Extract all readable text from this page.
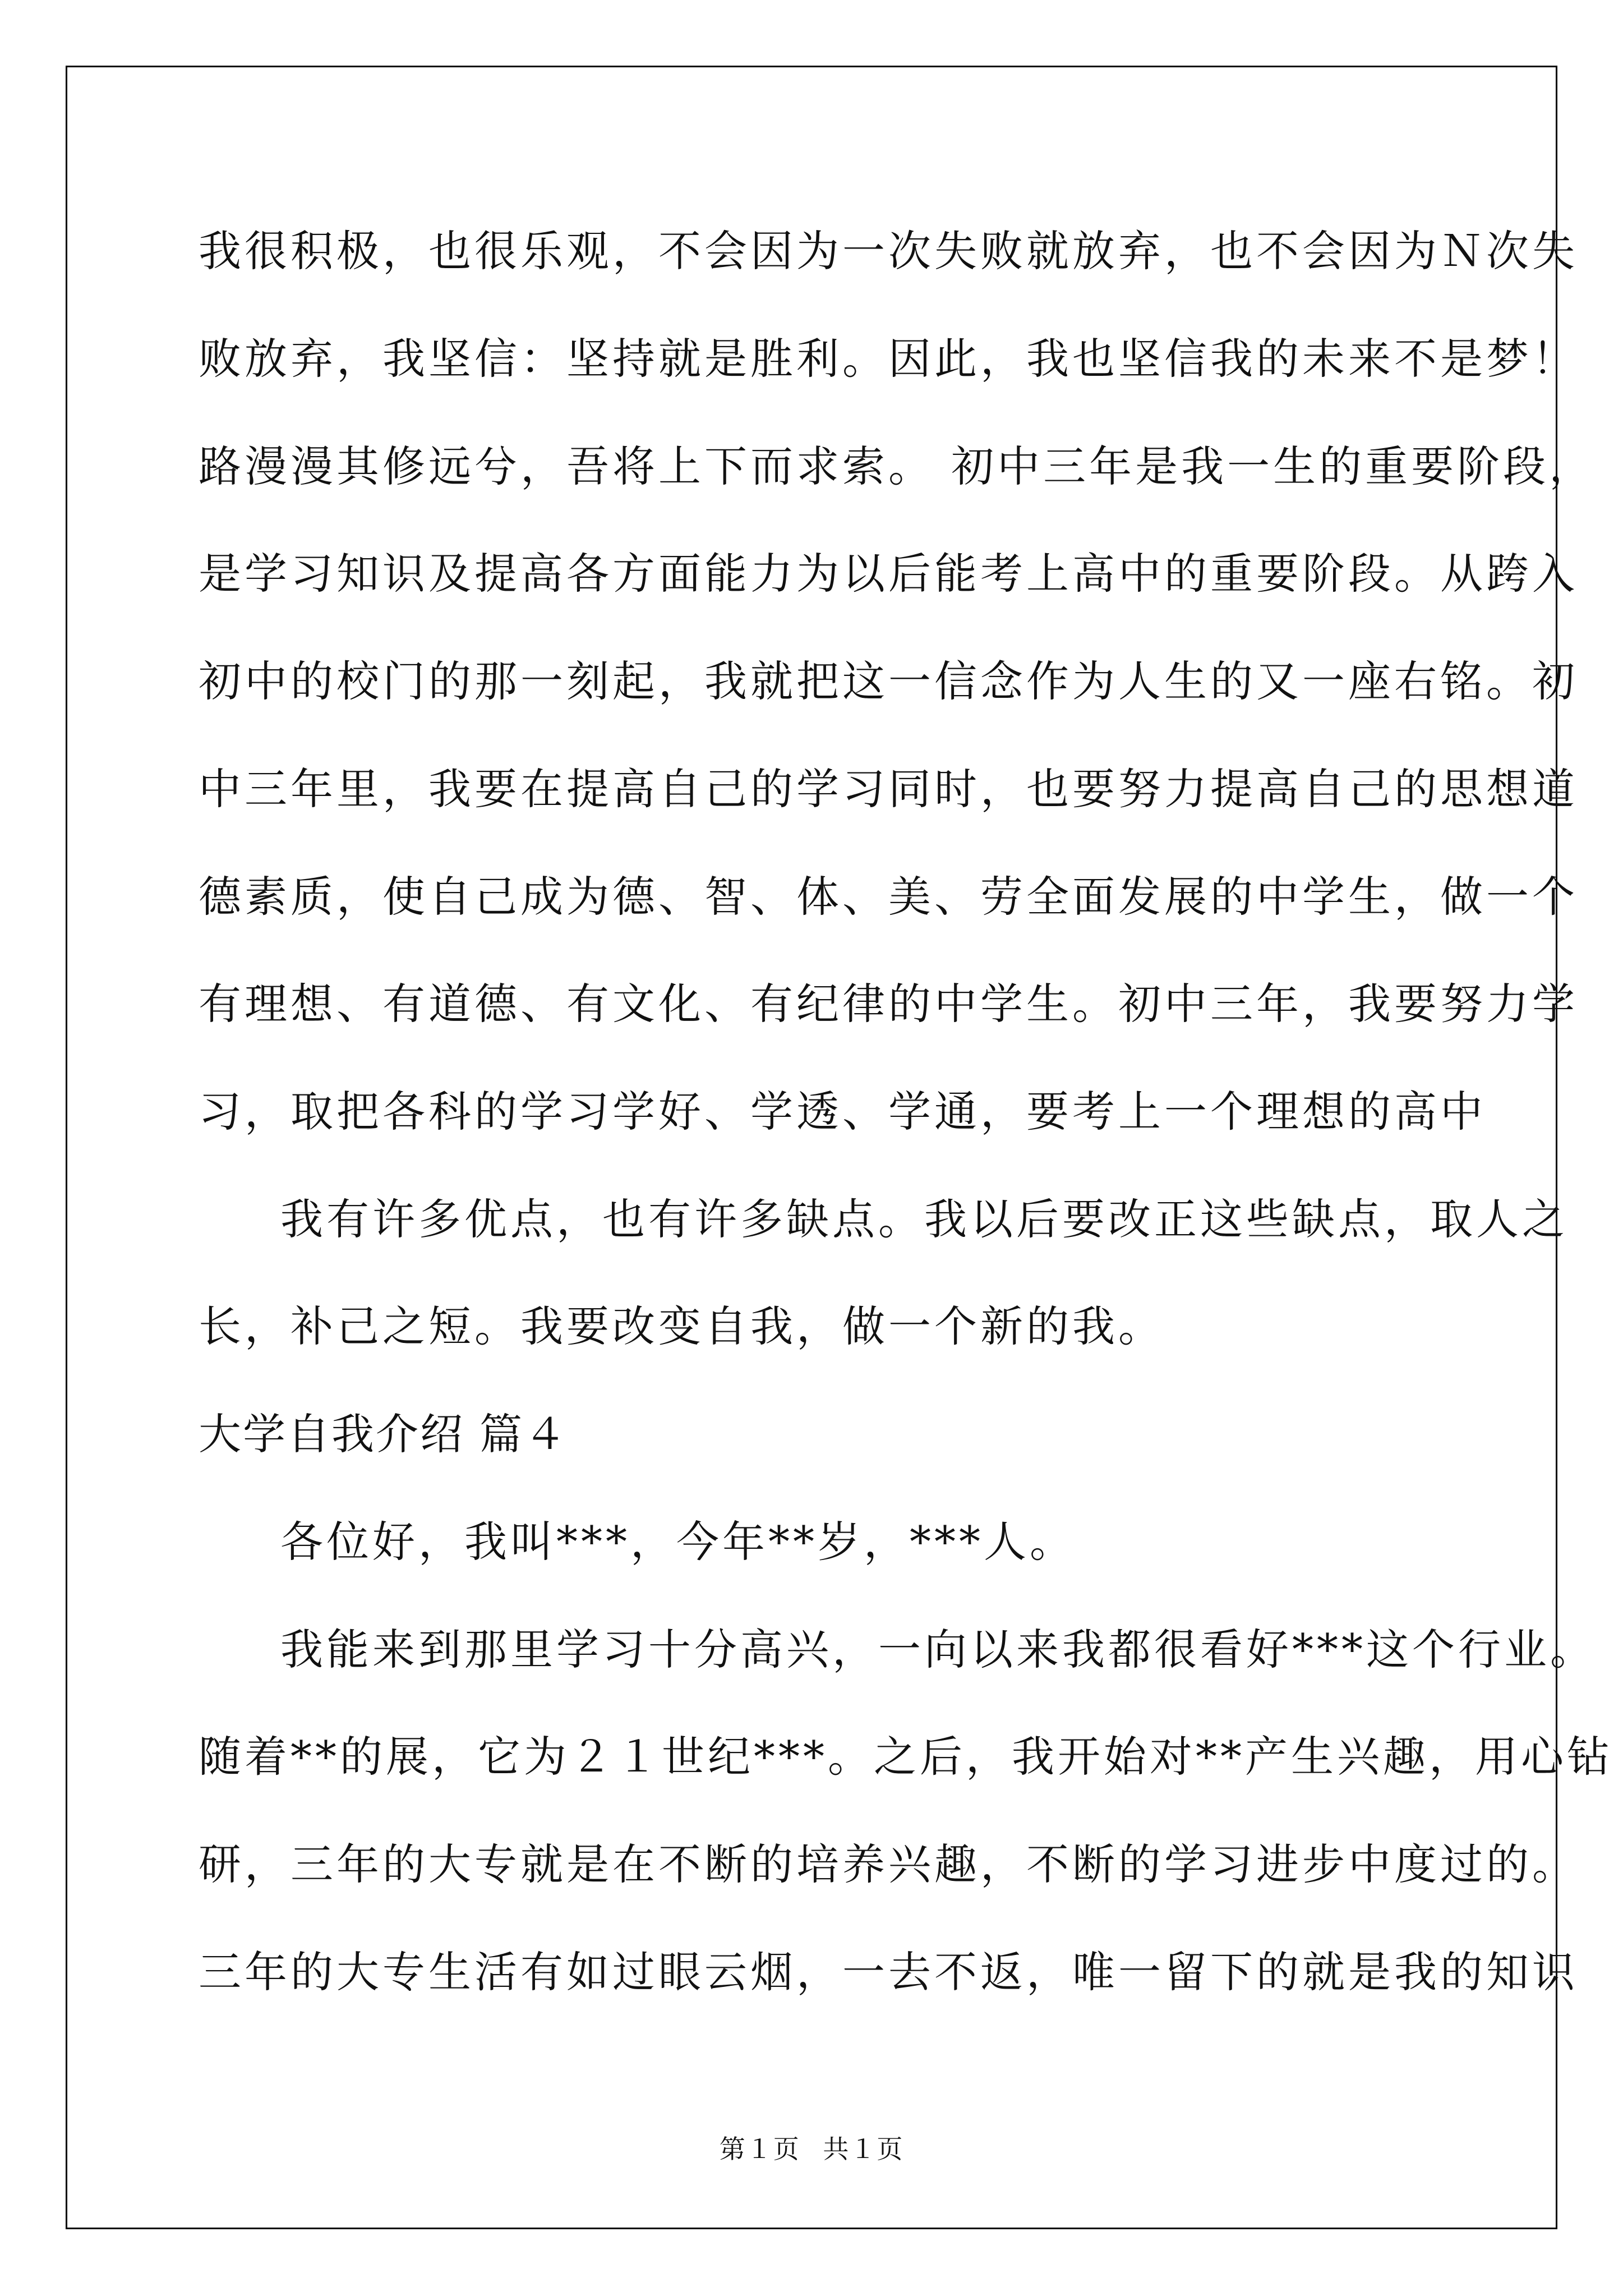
我很积极，也很乐观，不会因为一次失败就放弃，也不会因为Ｎ次失
败放弃，我坚信：坚持就是胜利。因此，我也坚信我的未来不是梦！
路漫漫其修远兮，吾将上下而求索。 初中三年是我一生的重要阶段，
是学习知识及提高各方面能力为以后能考上高中的重要阶段。从跨入
初中的校门的那一刻起，我就把这一信念作为人生的又一座右铭。初
中三年里，我要在提高自己的学习同时，也要努力提高自己的思想道
德素质，使自己成为德、智、体、美、劳全面发展的中学生，做一个
有理想、有道德、有文化、有纪律的中学生。初中三年，我要努力学
习，取把各科的学习学好、学透、学通，要考上一个理想的高中
我有许多优点，也有许多缺点。我以后要改正这些缺点，取人之
长，补己之短。我要改变自我，做一个新的我。
大学自我介绍 篇４
各位好，我叫***，今年**岁，***人。
我能来到那里学习十分高兴，一向以来我都很看好***这个行业。
随着**的展，它为２１世纪***。之后，我开始对**产生兴趣，用心钻
研，三年的大专就是在不断的培养兴趣，不断的学习进步中度过的。
三年的大专生活有如过眼云烟，一去不返，唯一留下的就是我的知识
第１页 共１页
